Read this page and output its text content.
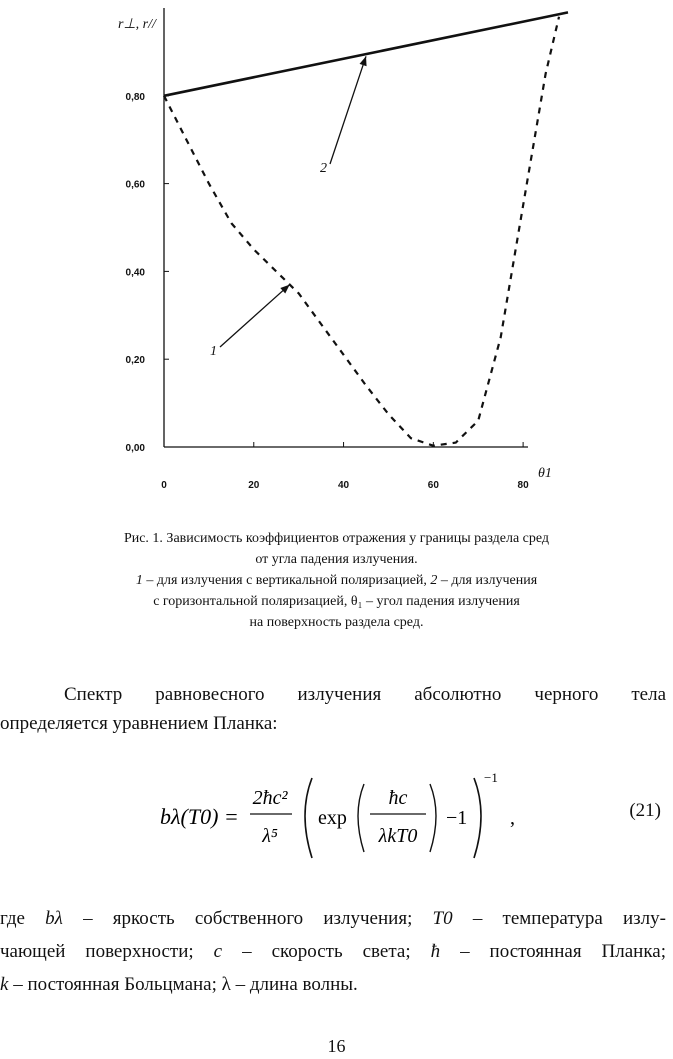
0,00
0,20
0,40
0,60
0,80
0	20	40	60	80
r⊥, r//
θ1
1
2
Рис. 1. Зависимость коэффициентов отражения у границы раздела сред
от угла падения излучения.
1 – для излучения с вертикальной поляризацией, 2 – для излучения
с горизонтальной поляризацией, θ₁ – угол падения излучения
на поверхность раздела сред.
Спектр равновесного излучения абсолютно черного тела
определяется уравнением Планка:
bλ(T0) =
2ħc²
λ⁵
exp
ħc
λkT0
−1
−1
,	(21)
где bλ – яркость собственного излучения; T0 – температура излу-
чающей поверхности; c – скорость света; ħ – постоянная Планка;
k – постоянная Больцмана; λ – длина волны.
16
